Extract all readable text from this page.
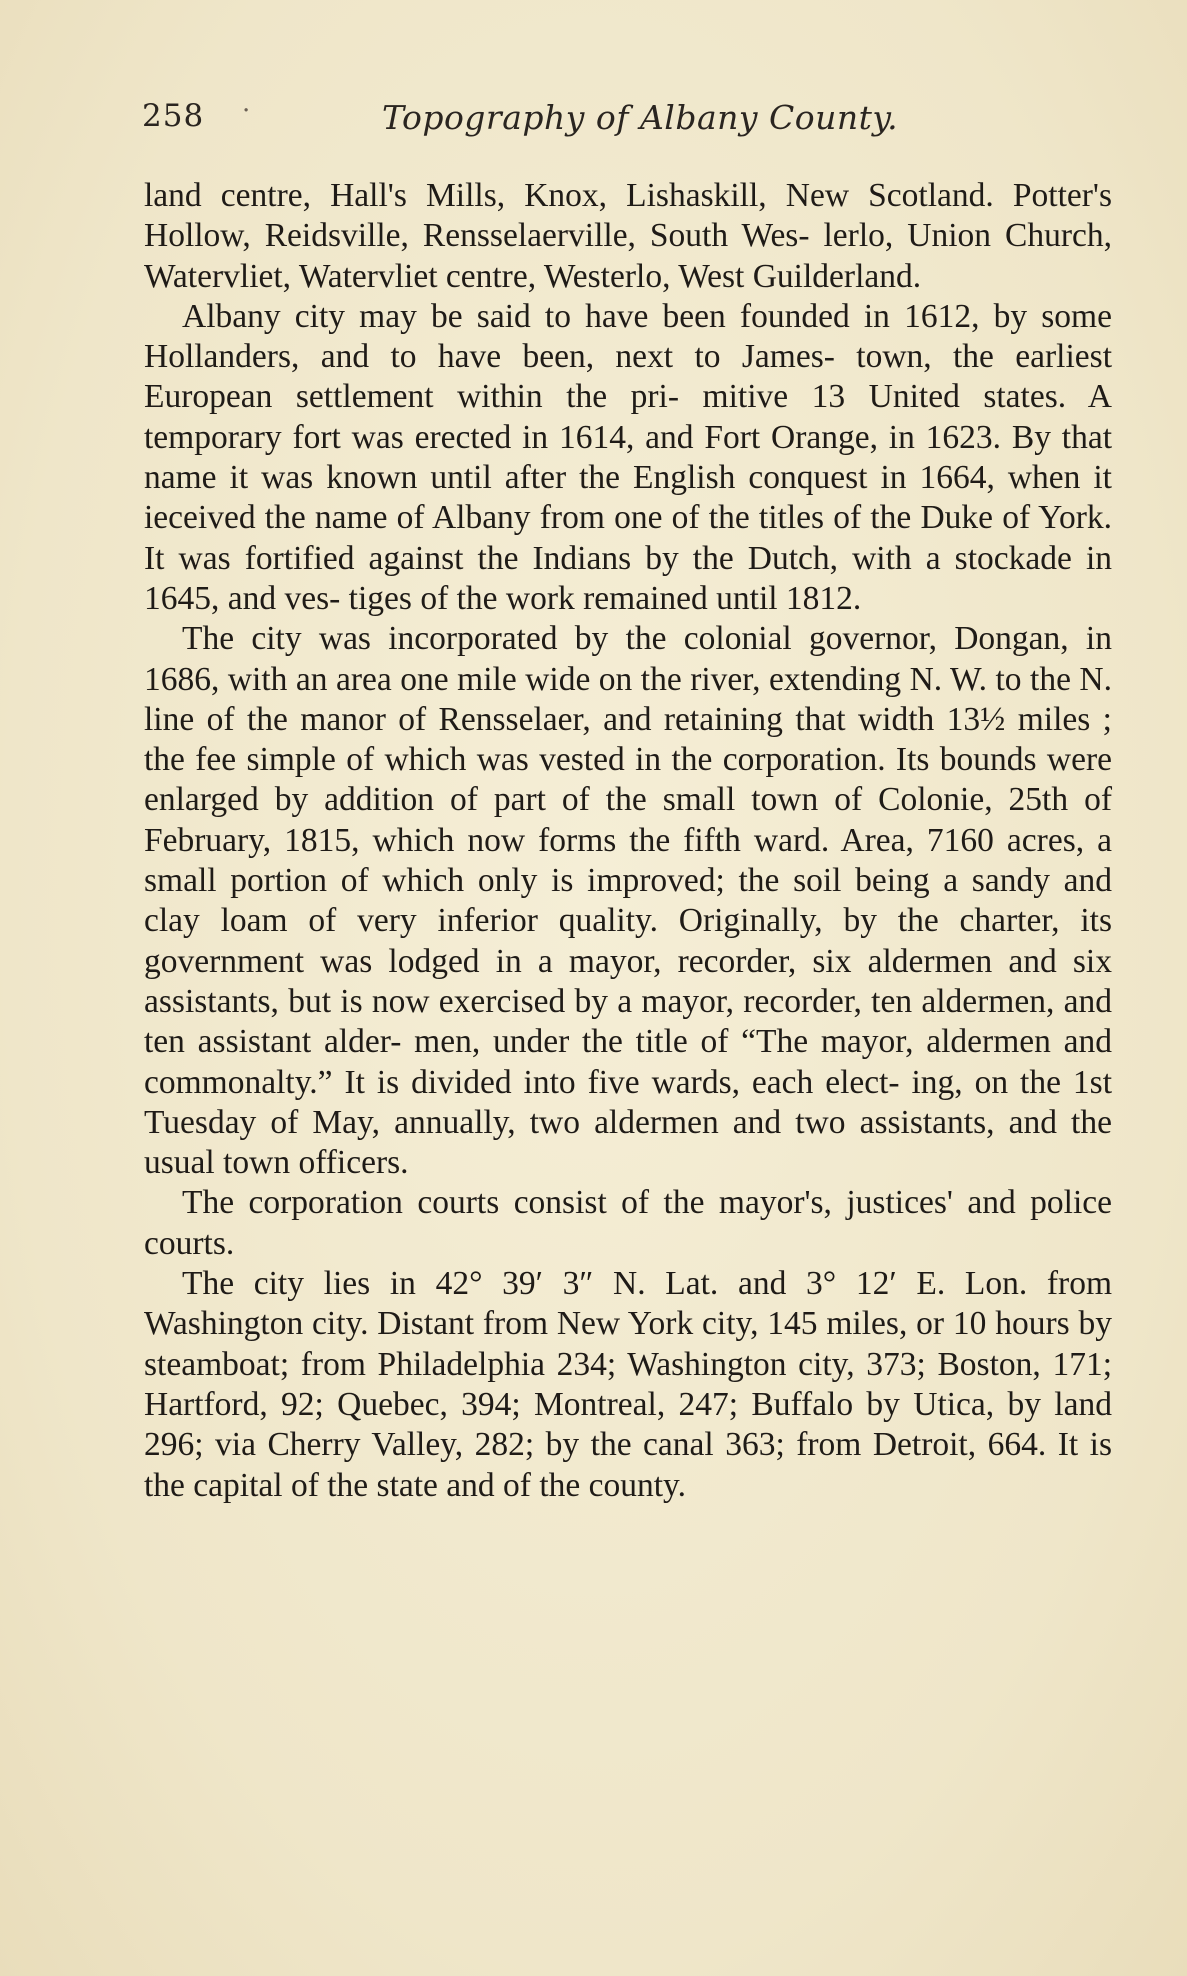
258 ·	Topography of Albany County.

land centre, Hall's Mills, Knox, Lishaskill, New Scotland. Potter's Hollow, Reidsville, Rensselaerville, South Wes- lerlo, Union Church, Watervliet, Watervliet centre, Westerlo, West Guilderland.

Albany city may be said to have been founded in 1612, by some Hollanders, and to have been, next to James- town, the earliest European settlement within the pri- mitive 13 United states. A temporary fort was erected in 1614, and Fort Orange, in 1623. By that name it was known until after the English conquest in 1664, when it ieceived the name of Albany from one of the titles of the Duke of York. It was fortified against the Indians by the Dutch, with a stockade in 1645, and ves- tiges of the work remained until 1812.

The city was incorporated by the colonial governor, Dongan, in 1686, with an area one mile wide on the river, extending N. W. to the N. line of the manor of Rensselaer, and retaining that width 13½ miles ; the fee simple of which was vested in the corporation. Its bounds were enlarged by addition of part of the small town of Colonie, 25th of February, 1815, which now forms the fifth ward. Area, 7160 acres, a small portion of which only is improved; the soil being a sandy and clay loam of very inferior quality. Originally, by the charter, its government was lodged in a mayor, recorder, six aldermen and six assistants, but is now exercised by a mayor, recorder, ten aldermen, and ten assistant alder- men, under the title of “The mayor, aldermen and commonalty.” It is divided into five wards, each elect- ing, on the 1st Tuesday of May, annually, two aldermen and two assistants, and the usual town officers.

The corporation courts consist of the mayor's, justices' and police courts.

The city lies in 42° 39′ 3″ N. Lat. and 3° 12′ E. Lon. from Washington city. Distant from New York city, 145 miles, or 10 hours by steamboat; from Philadelphia 234; Washington city, 373; Boston, 171; Hartford, 92; Quebec, 394; Montreal, 247; Buffalo by Utica, by land 296; via Cherry Valley, 282; by the canal 363; from Detroit, 664. It is the capital of the state and of the county.
